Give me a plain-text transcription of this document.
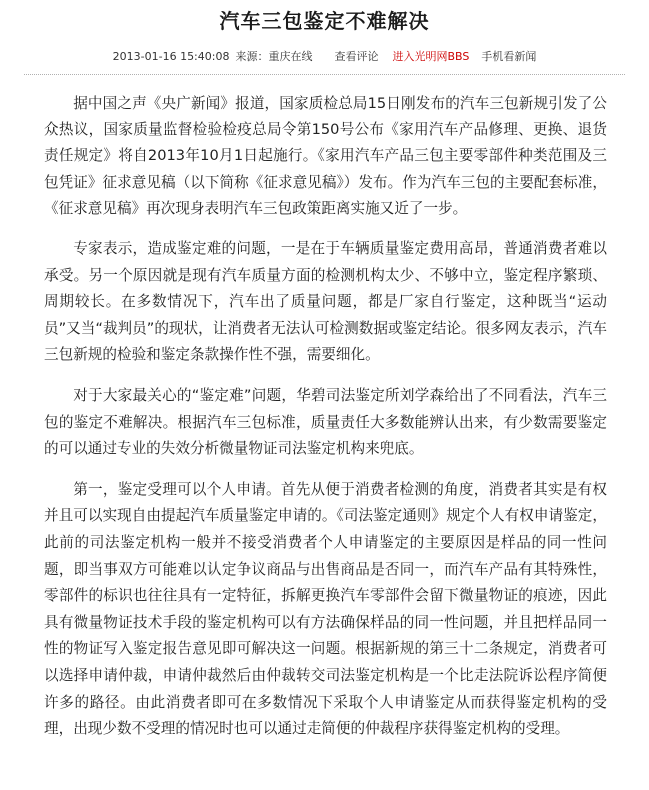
汽车三包鉴定不难解决
2013-01-16 15:40:08 来源：重庆在线 查看评论 进入光明网BBS 手机看新闻

据中国之声《央广新闻》报道，国家质检总局15日刚发布的汽车三包新规引发了公众热议，国家质量监督检验检疫总局令第150号公布《家用汽车产品修理、更换、退货责任规定》将自2013年10月1日起施行。《家用汽车产品三包主要零部件种类范围及三包凭证》征求意见稿（以下简称《征求意见稿》）发布。作为汽车三包的主要配套标准，《征求意见稿》再次现身表明汽车三包政策距离实施又近了一步。

专家表示，造成鉴定难的问题，一是在于车辆质量鉴定费用高昂，普通消费者难以承受。另一个原因就是现有汽车质量方面的检测机构太少、不够中立，鉴定程序繁琐、周期较长。在多数情况下，汽车出了质量问题，都是厂家自行鉴定，这种既当“运动员”又当“裁判员”的现状，让消费者无法认可检测数据或鉴定结论。很多网友表示，汽车三包新规的检验和鉴定条款操作性不强，需要细化。

对于大家最关心的“鉴定难”问题，华碧司法鉴定所刘学森给出了不同看法，汽车三包的鉴定不难解决。根据汽车三包标准，质量责任大多数能辨认出来，有少数需要鉴定的可以通过专业的失效分析微量物证司法鉴定机构来兜底。

第一，鉴定受理可以个人申请。首先从便于消费者检测的角度，消费者其实是有权并且可以实现自由提起汽车质量鉴定申请的。《司法鉴定通则》规定个人有权申请鉴定，此前的司法鉴定机构一般并不接受消费者个人申请鉴定的主要原因是样品的同一性问题，即当事双方可能难以认定争议商品与出售商品是否同一，而汽车产品有其特殊性，零部件的标识也往往具有一定特征，拆解更换汽车零部件会留下微量物证的痕迹，因此具有微量物证技术手段的鉴定机构可以有方法确保样品的同一性问题，并且把样品同一性的物证写入鉴定报告意见即可解决这一问题。根据新规的第三十二条规定，消费者可以选择申请仲裁，申请仲裁然后由仲裁转交司法鉴定机构是一个比走法院诉讼程序简便许多的路径。由此消费者即可在多数情况下采取个人申请鉴定从而获得鉴定机构的受理，出现少数不受理的情况时也可以通过走简便的仲裁程序获得鉴定机构的受理。
